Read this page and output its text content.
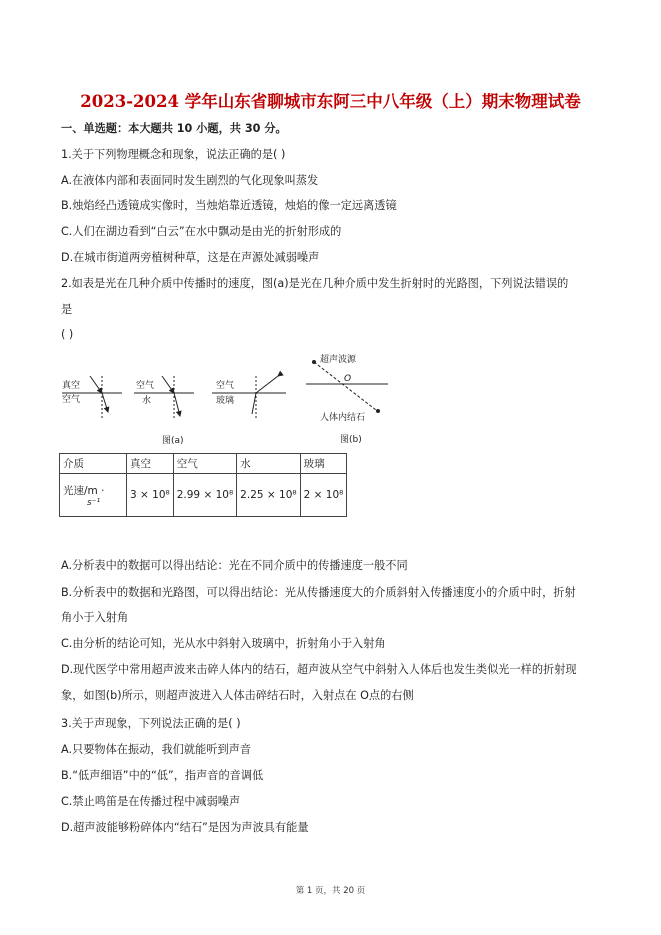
2023-2024 学年山东省聊城市东阿三中八年级（上）期末物理试卷
一、单选题：本大题共 10 小题，共 30 分。
1.关于下列物理概念和现象，说法正确的是( )
A.在液体内部和表面同时发生剧烈的气化现象叫蒸发
B.烛焰经凸透镜成实像时，当烛焰靠近透镜，烛焰的像一定远离透镜
C.人们在湖边看到“白云”在水中飘动是由光的折射形成的
D.在城市街道两旁植树种草，这是在声源处减弱噪声
2.如表是光在几种介质中传播时的速度，图(a)是光在几种介质中发生折射时的光路图，下列说法错误的
是
( )
真空
空气
空气
水
空气
玻璃
图(a)
超声波源
O
人体内结石
图(b)
介质	真空	空气	水	玻璃

光速/m ·
s⁻¹	3 × 10⁸	2.99 × 10⁸	2.25 × 10⁸	2 × 10⁸
A.分析表中的数据可以得出结论：光在不同介质中的传播速度一般不同
B.分析表中的数据和光路图，可以得出结论：光从传播速度大的介质斜射入传播速度小的介质中时，折射
角小于入射角
C.由分析的结论可知，光从水中斜射入玻璃中，折射角小于入射角
D.现代医学中常用超声波来击碎人体内的结石，超声波从空气中斜射入人体后也发生类似光一样的折射现
象，如图(b)所示，则超声波进入人体击碎结石时，入射点在 O点的右侧
3.关于声现象，下列说法正确的是( )
A.只要物体在振动，我们就能听到声音
B.“低声细语”中的“低”，指声音的音调低
C.禁止鸣笛是在传播过程中减弱噪声
D.超声波能够粉碎体内“结石”是因为声波具有能量
第 1 页，共 20 页
